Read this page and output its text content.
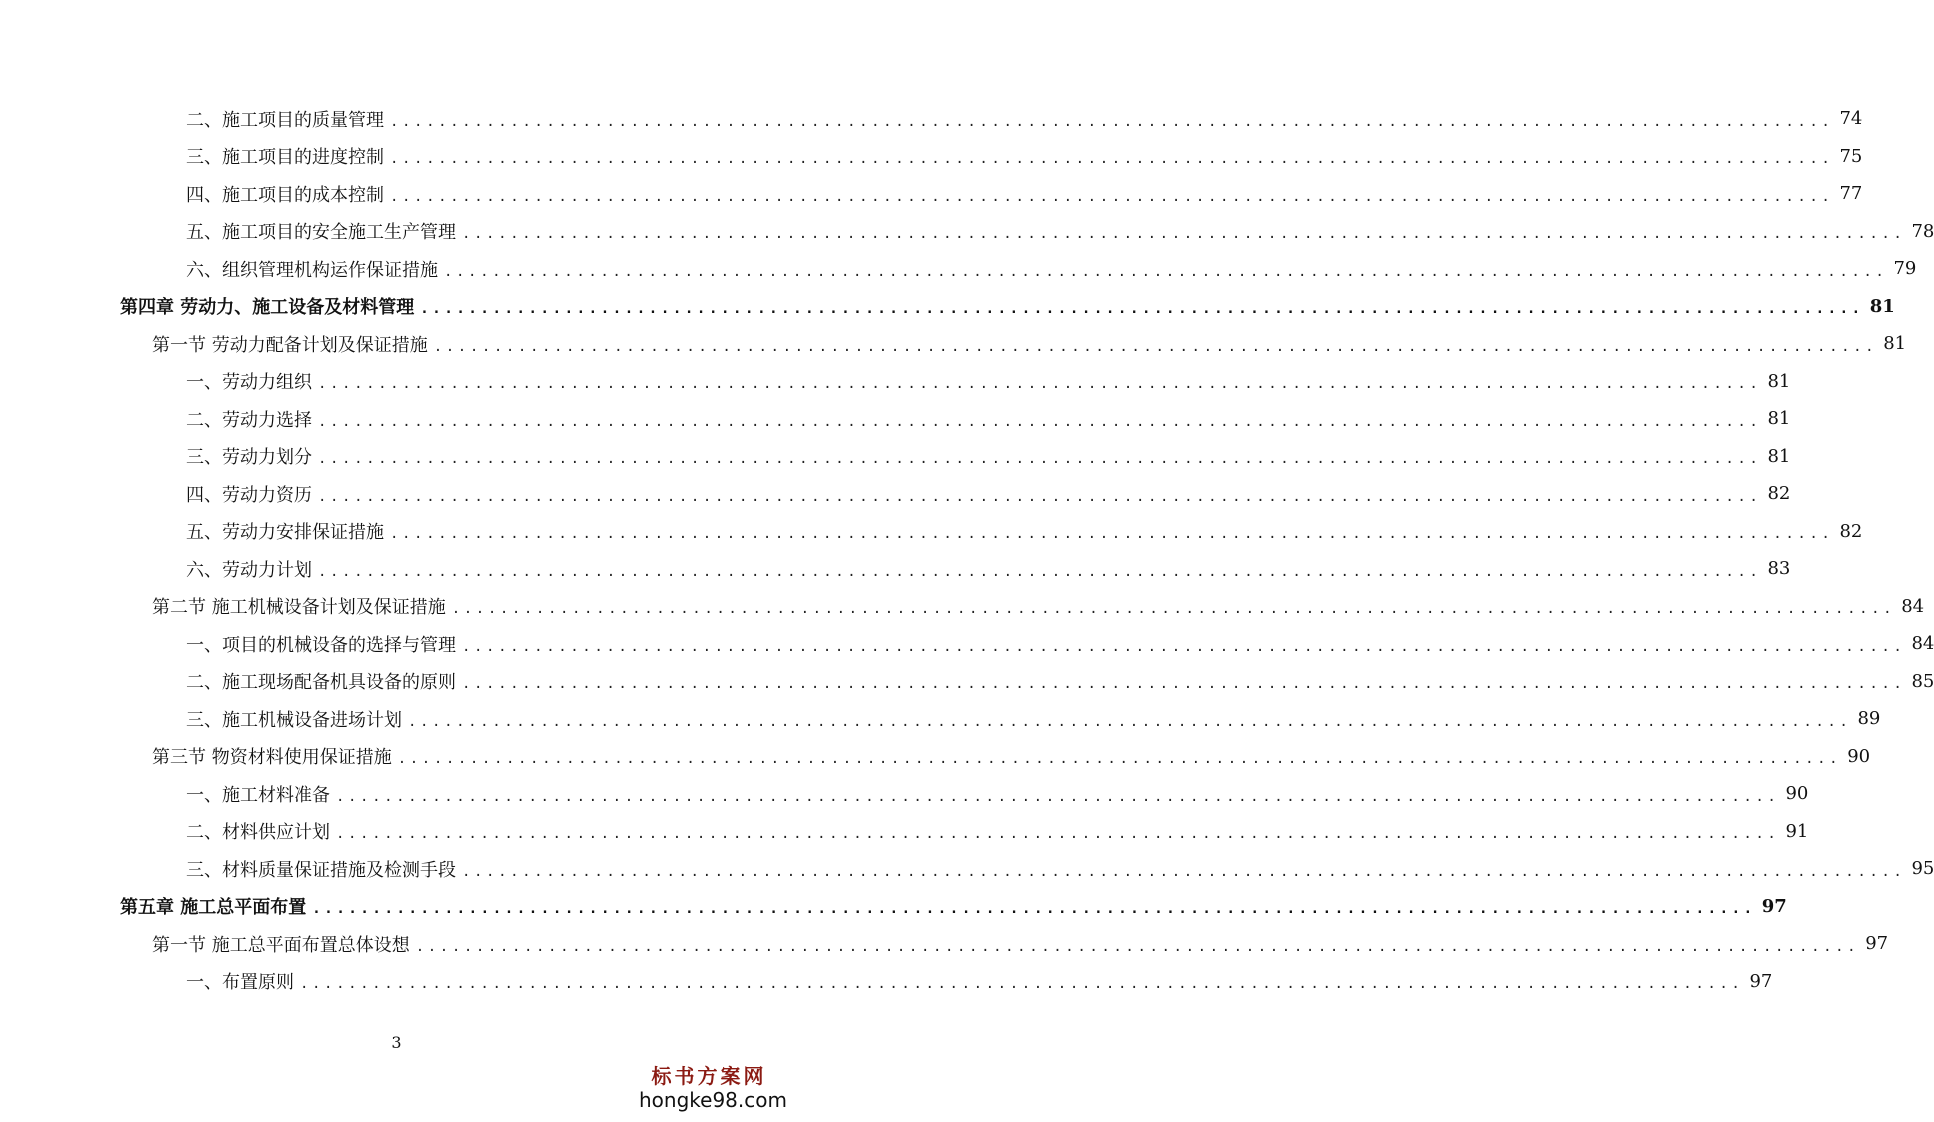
二、施工项目的质量管理 ........................................................................................................................ 74
三、施工项目的进度控制 ........................................................................................................................ 75
四、施工项目的成本控制 ........................................................................................................................ 77
五、施工项目的安全施工生产管理 ........................................................................................................................ 78
六、组织管理机构运作保证措施 ........................................................................................................................ 79
第四章 劳动力、施工设备及材料管理 ........................................................................................................................ 81
第一节 劳动力配备计划及保证措施 ........................................................................................................................ 81
一、劳动力组织 ........................................................................................................................ 81
二、劳动力选择 ........................................................................................................................ 81
三、劳动力划分 ........................................................................................................................ 81
四、劳动力资历 ........................................................................................................................ 82
五、劳动力安排保证措施 ........................................................................................................................ 82
六、劳动力计划 ........................................................................................................................ 83
第二节 施工机械设备计划及保证措施 ........................................................................................................................ 84
一、项目的机械设备的选择与管理 ........................................................................................................................ 84
二、施工现场配备机具设备的原则 ........................................................................................................................ 85
三、施工机械设备进场计划 ........................................................................................................................ 89
第三节 物资材料使用保证措施 ........................................................................................................................ 90
一、施工材料准备 ........................................................................................................................ 90
二、材料供应计划 ........................................................................................................................ 91
三、材料质量保证措施及检测手段 ........................................................................................................................ 95
第五章 施工总平面布置 ........................................................................................................................ 97
第一节 施工总平面布置总体设想 ........................................................................................................................ 97
一、布置原则 ........................................................................................................................ 97
3
标书方案网
hongke98.com
